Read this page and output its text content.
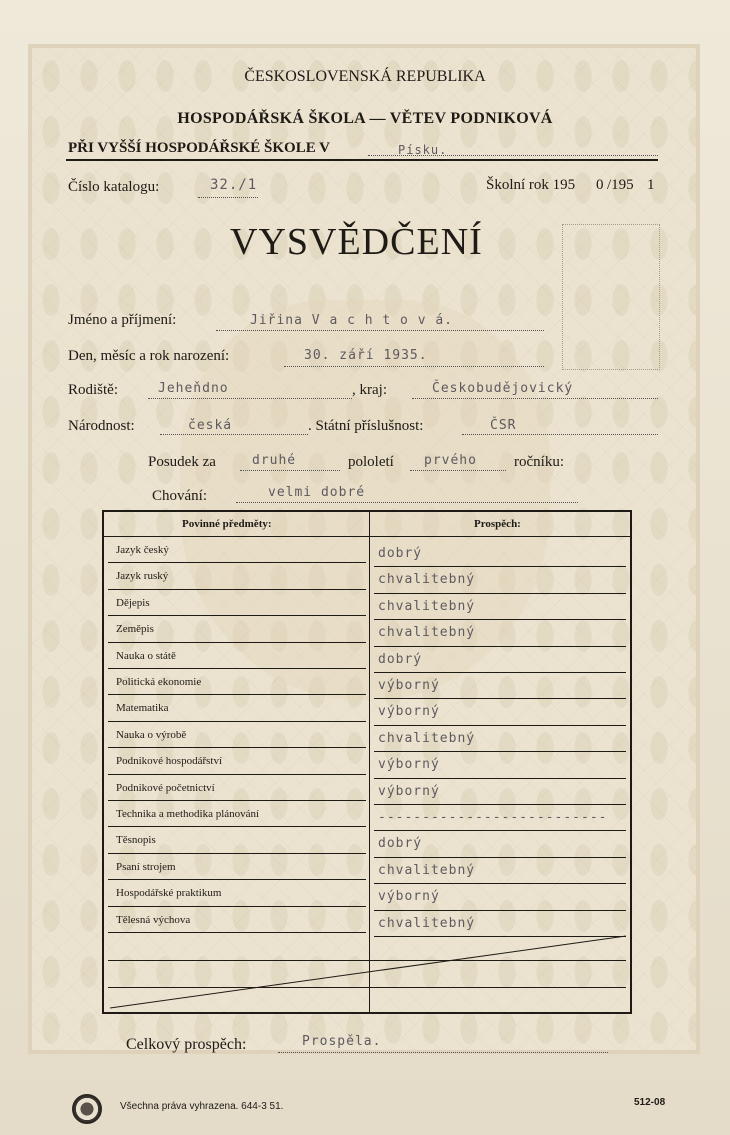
ČESKOSLOVENSKÁ REPUBLIKA
HOSPODÁŘSKÁ ŠKOLA — VĚTEV PODNIKOVÁ
PŘI VYŠŠÍ HOSPODÁŘSKÉ ŠKOLE V	Písku.
Číslo katalogu:	32./1	Školní rok 195 0 /195 1
VYSVĚDČENÍ
Jméno a příjmení:	Jiřina V a c h t o v á.
Den, měsíc a rok narození:	30. září 1935.
Rodiště:	Jeheňdno	, kraj:	Českobudějovický
Národnost:	česká	. Státní příslušnost:	ČSR
Posudek za	druhé	pololetí prvého ročníku:
Chování:	velmi dobré
Povinné předměty:	Prospěch:
Jazyk český	dobrý
Jazyk ruský	chvalitebný
Dějepis	chvalitebný
Zeměpis	chvalitebný
Nauka o státě	dobrý
Politická ekonomie	výborný
Matematika	výborný
Nauka o výrobě	chvalitebný
Podnikové hospodářství	výborný
Podnikové početnictví	výborný
Technika a methodika plánování	--------------------------
Těsnopis	dobrý
Psaní strojem	chvalitebný
Hospodářské praktikum	výborný
Tělesná výchova	chvalitebný
Celkový prospěch:	Prospěla.
Všechna práva vyhrazena. 644-3 51.	512-08
